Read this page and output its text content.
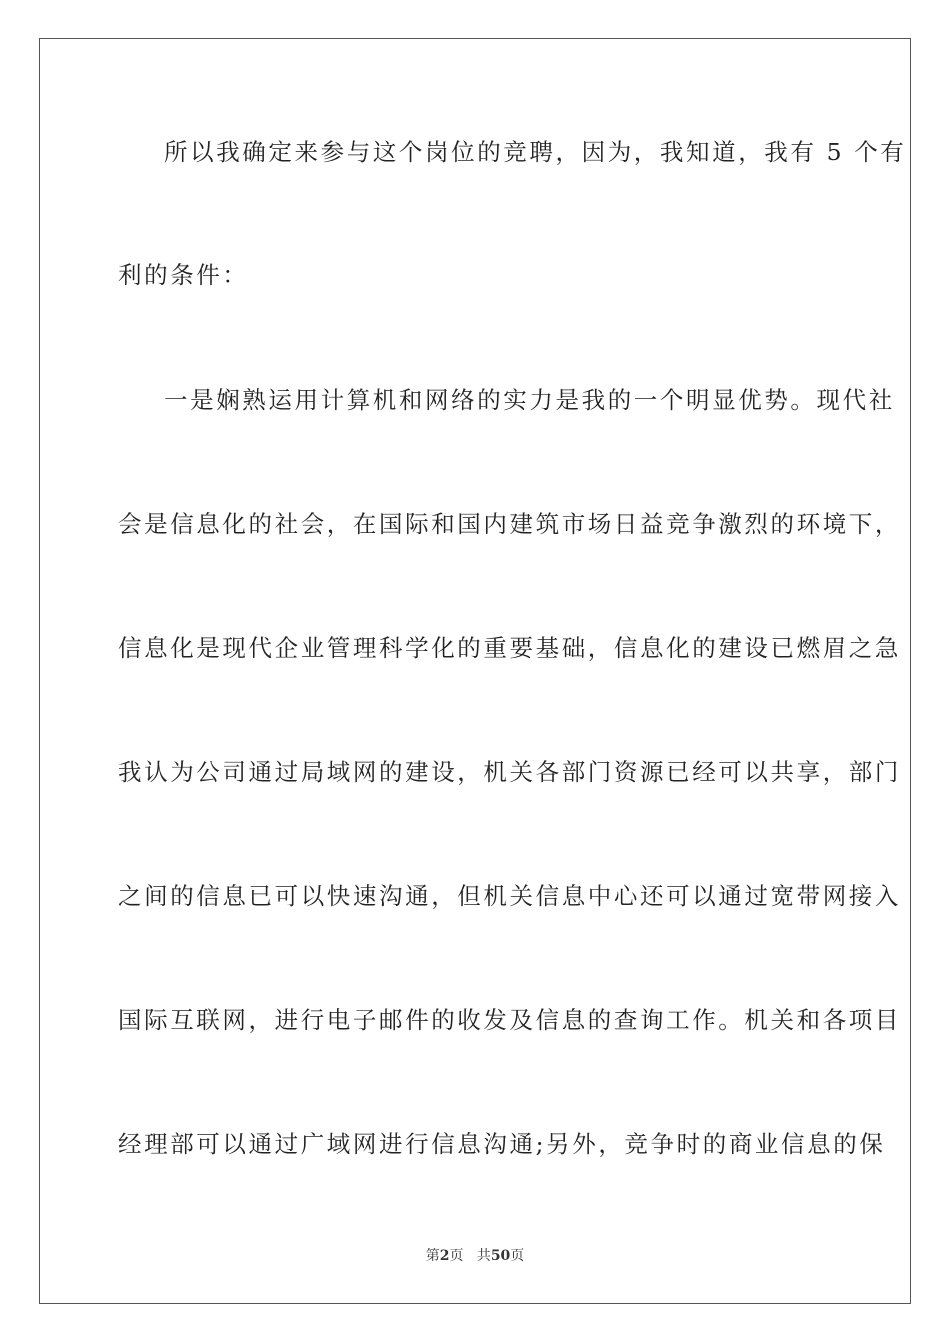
所以我确定来参与这个岗位的竞聘，因为，我知道，我有 5 个有
利的条件：
一是娴熟运用计算机和网络的实力是我的一个明显优势。现代社
会是信息化的社会，在国际和国内建筑市场日益竞争激烈的环境下，
信息化是现代企业管理科学化的重要基础，信息化的建设已燃眉之急
我认为公司通过局域网的建设，机关各部门资源已经可以共享，部门
之间的信息已可以快速沟通，但机关信息中心还可以通过宽带网接入
国际互联网，进行电子邮件的收发及信息的查询工作。机关和各项目
经理部可以通过广域网进行信息沟通;另外，竞争时的商业信息的保
第2页 共50页
